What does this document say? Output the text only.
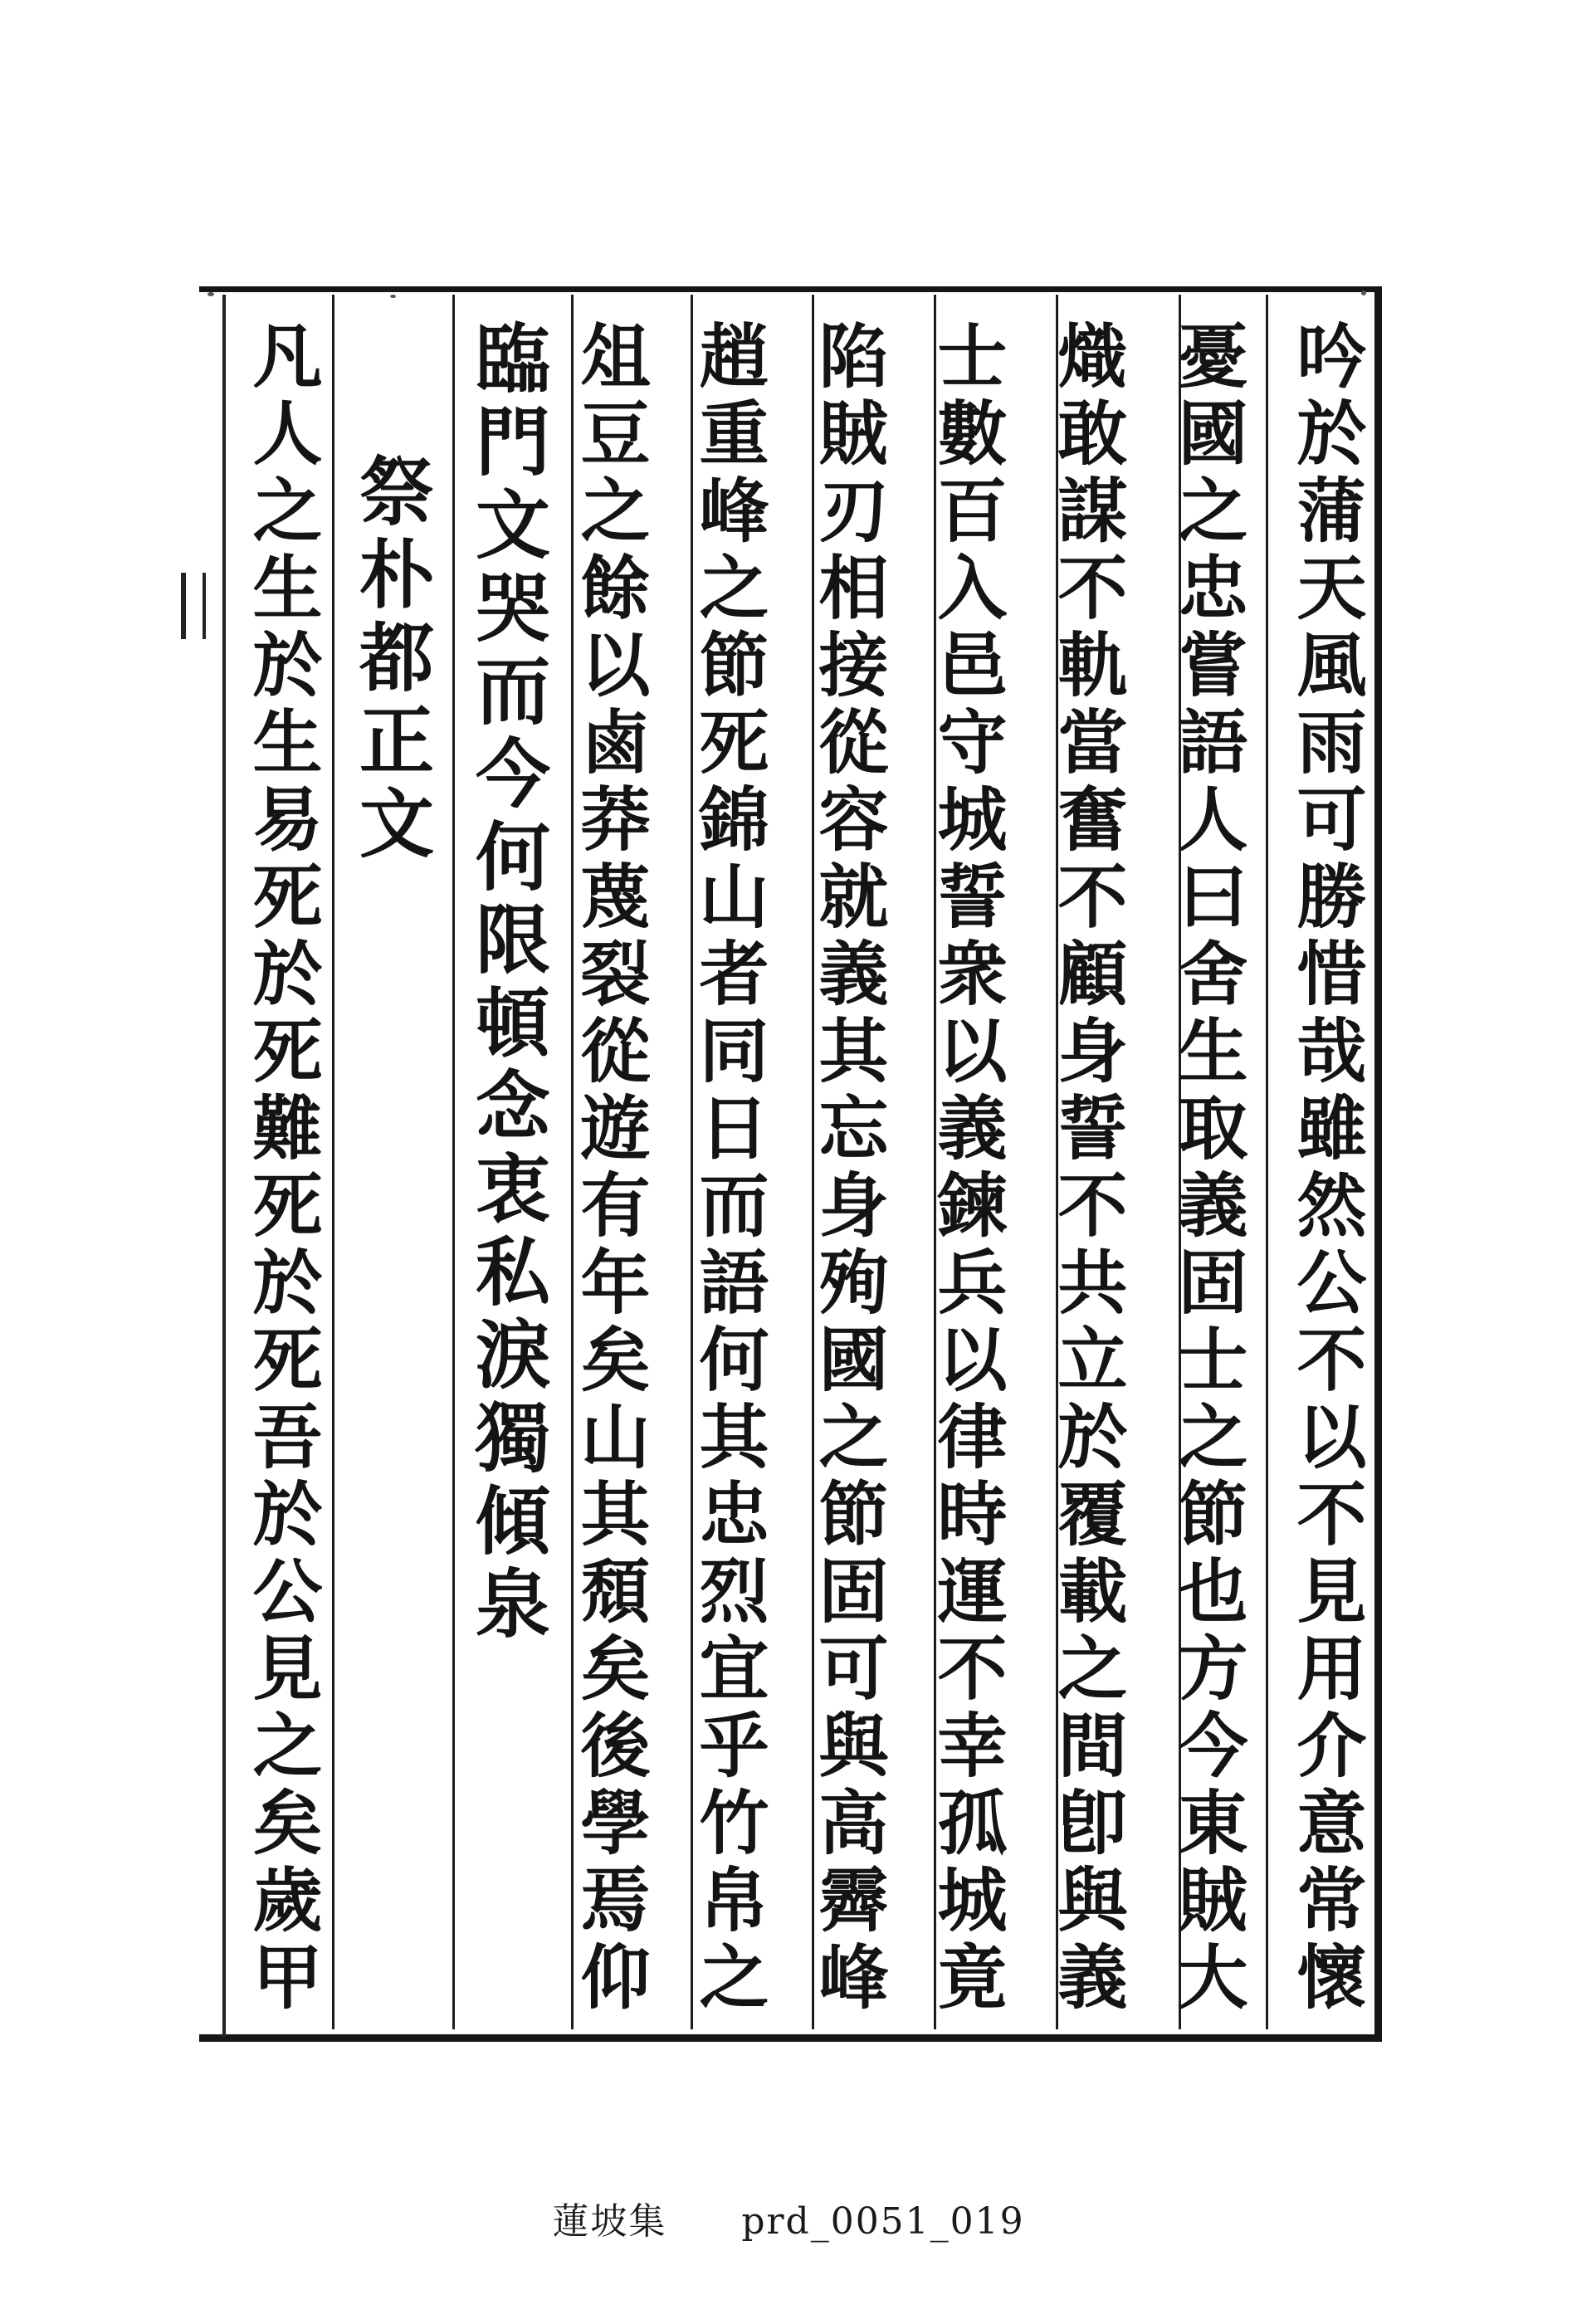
吟於蒲天風雨可勝惜哉雖然公不以不見用介意常懷
憂國之忠嘗語人曰舍生取義固士之節也方今東賊大
熾敢謀不軌當奮不顧身誓不共立於覆載之間卽與義
士數百入邑守城誓衆以義鍊兵以律時運不幸孤城竟
陷賊刃相接從容就義其忘身殉國之節固可與高霽峰
趙重峰之節死錦山者同日而語何其忠烈宜乎竹帛之
俎豆之餘以鹵莽蔑裂從遊有年矣山其頹矣後學焉仰
臨門文哭而今何限頓念衷私淚獨傾泉
祭朴都正文
凡人之生於生易死於死難死於死吾於公見之矣歲甲
蓮坡集 prd_0051_019
